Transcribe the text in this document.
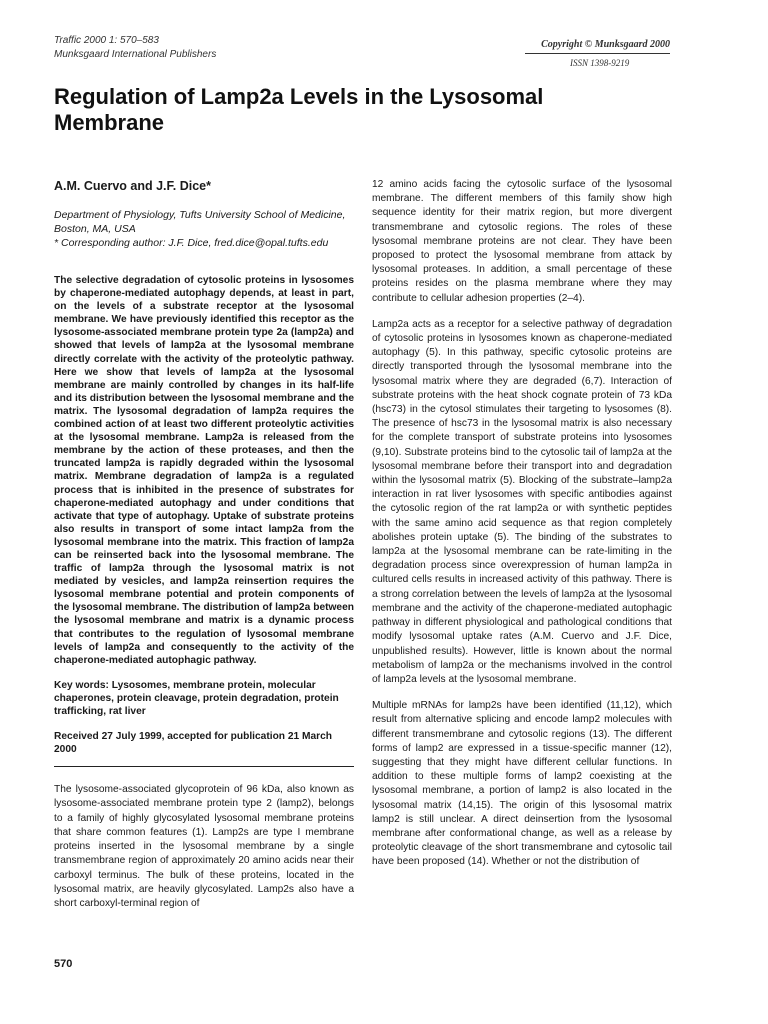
Traffic 2000 1: 570–583
Munksgaard International Publishers
Copyright © Munksgaard 2000
ISSN 1398-9219
Regulation of Lamp2a Levels in the Lysosomal Membrane

A.M. Cuervo and J.F. Dice*

Department of Physiology, Tufts University School of Medicine, Boston, MA, USA
* Corresponding author: J.F. Dice, fred.dice@opal.tufts.edu

The selective degradation of cytosolic proteins in lysosomes by chaperone-mediated autophagy depends, at least in part, on the levels of a substrate receptor at the lysosomal membrane. We have previously identified this receptor as the lysosome-associated membrane protein type 2a (lamp2a) and showed that levels of lamp2a at the lysosomal membrane directly correlate with the activity of the proteolytic pathway. Here we show that levels of lamp2a at the lysosomal membrane are mainly controlled by changes in its half-life and its distribution between the lysosomal membrane and the matrix. The lysosomal degradation of lamp2a requires the combined action of at least two different proteolytic activities at the lysosomal membrane. Lamp2a is released from the membrane by the action of these proteases, and then the truncated lamp2a is rapidly degraded within the lysosomal matrix. Membrane degradation of lamp2a is a regulated process that is inhibited in the presence of substrates for chaperone-mediated autophagy and under conditions that activate that type of autophagy. Uptake of substrate proteins also results in transport of some intact lamp2a from the lysosomal membrane into the matrix. This fraction of lamp2a can be reinserted back into the lysosomal membrane. The traffic of lamp2a through the lysosomal matrix is not mediated by vesicles, and lamp2a reinsertion requires the lysosomal membrane potential and protein components of the lysosomal membrane. The distribution of lamp2a between the lysosomal membrane and matrix is a dynamic process that contributes to the regulation of lysosomal membrane levels of lamp2a and consequently to the activity of the chaperone-mediated autophagic pathway.

Key words: Lysosomes, membrane protein, molecular chaperones, protein cleavage, protein degradation, protein trafficking, rat liver

Received 27 July 1999, accepted for publication 21 March 2000

The lysosome-associated glycoprotein of 96 kDa, also known as lysosome-associated membrane protein type 2 (lamp2), belongs to a family of highly glycosylated lysosomal membrane proteins that share common features (1). Lamp2s are type I membrane proteins inserted in the lysosomal membrane by a single transmembrane region of approximately 20 amino acids near their carboxyl terminus. The bulk of these proteins, located in the lysosomal matrix, are heavily glycosylated. Lamp2s also have a short carboxyl-terminal region of

12 amino acids facing the cytosolic surface of the lysosomal membrane. The different members of this family show high sequence identity for their matrix region, but more divergent transmembrane and cytosolic regions. The roles of these lysosomal membrane proteins are not clear. They have been proposed to protect the lysosomal membrane from attack by lysosomal proteases. In addition, a small percentage of these proteins resides on the plasma membrane where they may contribute to cellular adhesion properties (2–4).

Lamp2a acts as a receptor for a selective pathway of degradation of cytosolic proteins in lysosomes known as chaperone-mediated autophagy (5). In this pathway, specific cytosolic proteins are directly transported through the lysosomal membrane into the lysosomal matrix where they are degraded (6,7). Interaction of substrate proteins with the heat shock cognate protein of 73 kDa (hsc73) in the cytosol stimulates their targeting to lysosomes (8). The presence of hsc73 in the lysosomal matrix is also necessary for the complete transport of substrate proteins into lysosomes (9,10). Substrate proteins bind to the cytosolic tail of lamp2a at the lysosomal membrane before their transport into and degradation within the lysosomal matrix (5). Blocking of the substrate–lamp2a interaction in rat liver lysosomes with specific antibodies against the cytosolic region of the rat lamp2a or with synthetic peptides with the same amino acid sequence as that region completely abolishes protein uptake (5). The binding of the substrates to lamp2a at the lysosomal membrane can be rate-limiting in the degradation process since overexpression of human lamp2a in cultured cells results in increased activity of this pathway. There is a strong correlation between the levels of lamp2a at the lysosomal membrane and the activity of the chaperone-mediated autophagic pathway in different physiological and pathological conditions that modify lysosomal uptake rates (A.M. Cuervo and J.F. Dice, unpublished results). However, little is known about the normal metabolism of lamp2a or the mechanisms involved in the control of lamp2a levels at the lysosomal membrane.

Multiple mRNAs for lamp2s have been identified (11,12), which result from alternative splicing and encode lamp2 molecules with different transmembrane and cytosolic regions (13). The different forms of lamp2 are expressed in a tissue-specific manner (12), suggesting that they might have different cellular functions. In addition to these multiple forms of lamp2 coexisting at the lysosomal membrane, a portion of lamp2 is also located in the lysosomal matrix (14,15). The origin of this lysosomal matrix lamp2 is still unclear. A direct deinsertion from the lysosomal membrane after conformational change, as well as a release by proteolytic cleavage of the short transmembrane and cytosolic tail have been proposed (14). Whether or not the distribution of

570
